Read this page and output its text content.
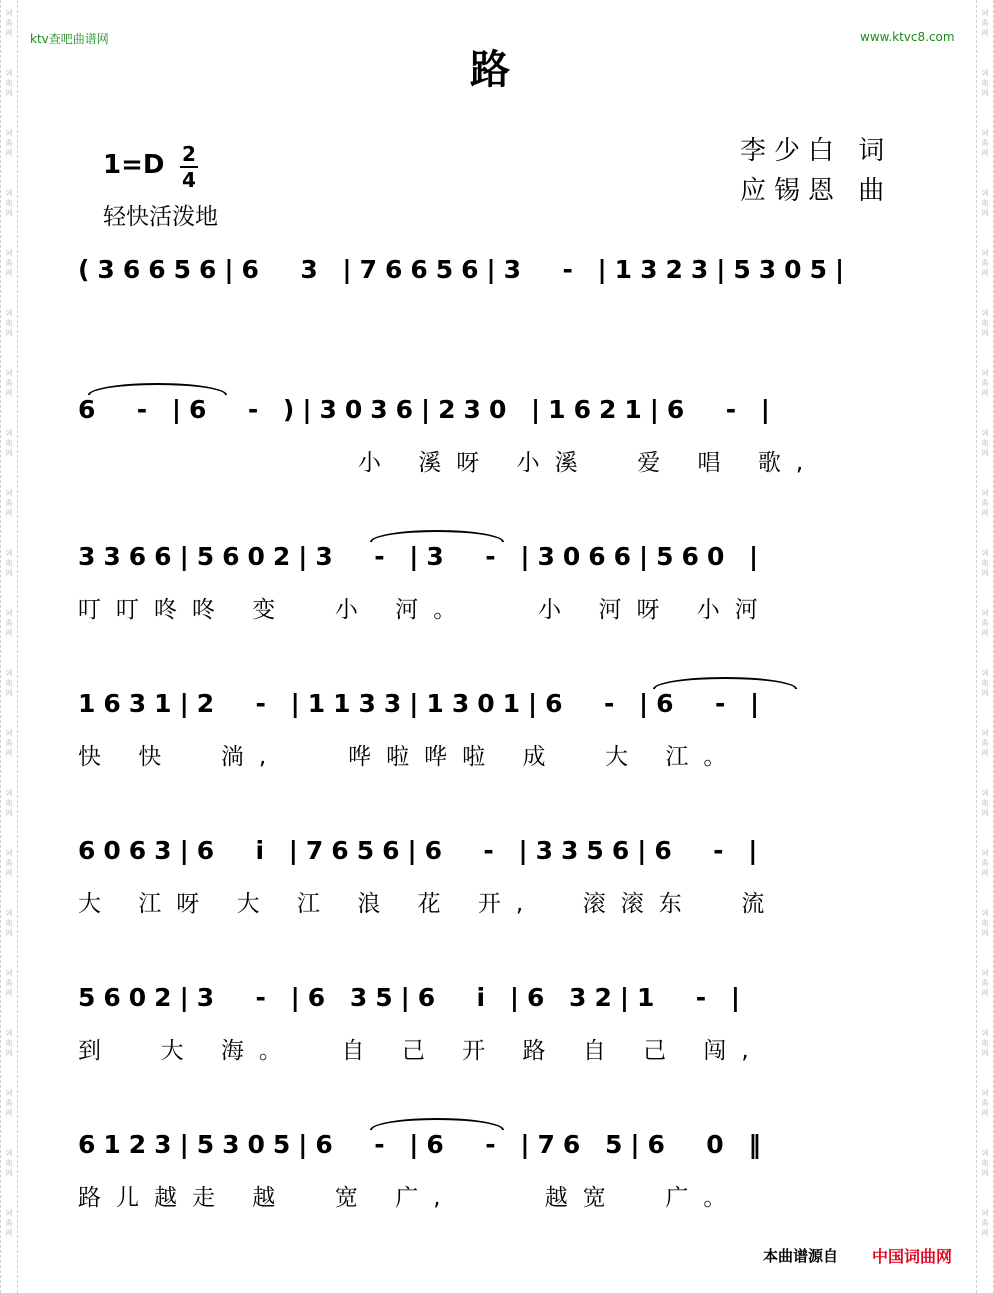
词
曲
网
词
曲
网
词
曲
网
词
曲
网
词
曲
网
词
曲
网
词
曲
网
词
曲
网
词
曲
网
词
曲
网
词
曲
网
词
曲
网
词
曲
网
词
曲
网
词
曲
网
词
曲
网
词
曲
网
词
曲
网
词
曲
网
词
曲
网
词
曲
网
词
曲
网
词
曲
网
词
曲
网
词
曲
网
词
曲
网
词
曲
网
词
曲
网
词
曲
网
词
曲
网
词
曲
网
词
曲
网
词
曲
网
词
曲
网
词
曲
网
词
曲
网
词
曲
网
词
曲
网
词
曲
网
词
曲
网
词
曲
网
词
曲
网
ktv查吧曲谱网	www.ktvc8.com
路
李少白 词
应锡恩 曲
1=D 2
4
轻快活泼地
(36656|6  3 |76656|3  - |1323|5305|
6  - |6  - )|3036|230 |1621|6  - |
小 溪呀 小溪  爱 唱 歌,
3366|5602|3  - |3  - |3066|560 |
叮叮咚咚 变  小 河。   小 河呀 小河
1631|2  - |1133|1301|6  - |6  - |
快 快  淌,   哗啦哗啦 成  大 江。
6063|6  i |7656|6  - |3356|6  - |
大 江呀 大 江 浪 花 开,  滚滚东  流
5602|3  - |6 35|6  i |6 32|1  - |
到  大 海。  自 己 开 路 自 己 闯,
6123|5305|6  - |6  - |76 5|6  0 ‖
路儿越走 越  宽 广,    越宽  广。
本曲谱源自 中国词曲网
